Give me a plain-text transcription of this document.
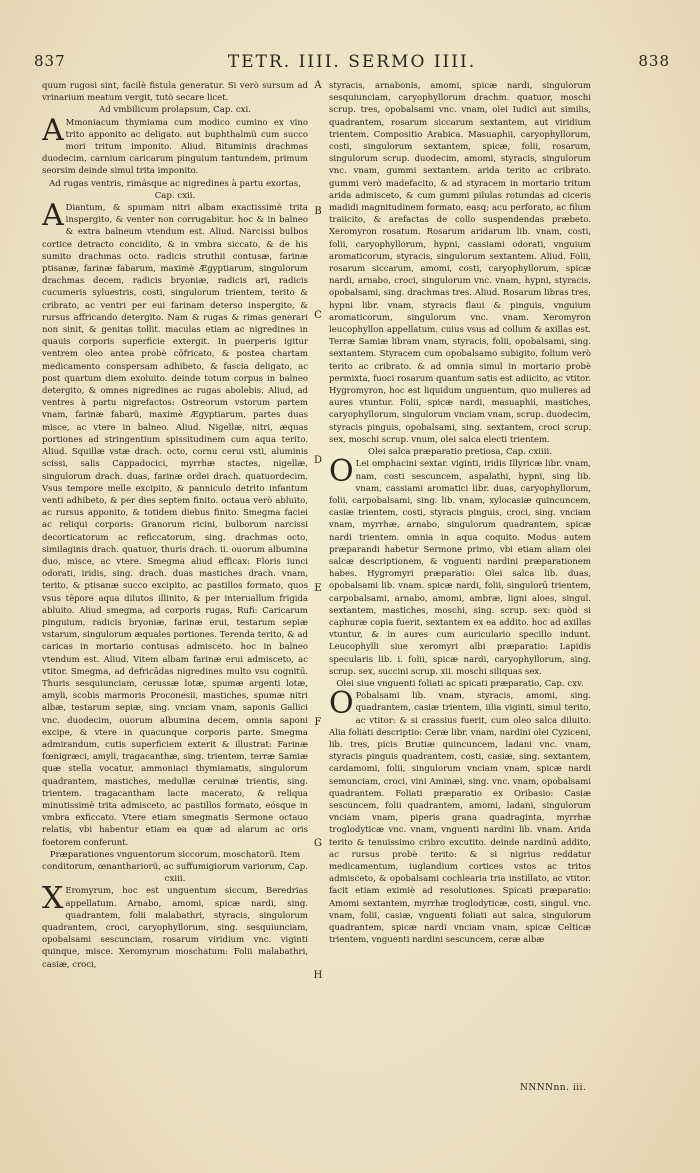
837	TETR. IIII. SERMO IIII.	838

quum rugosi sint, facilè fistula generatur. Si verò sursum ad vrinarium meatum vergit, tutò secare licet.

Ad vmbilicum prolapsum, Cap. cxi.

A Mmoniacum thymiama cum modico cumino ex vino trito apponito ac deligato. aut buphthalmũ cum succo mori tritum imponito. Aliud. Bituminis drachmas duodecim, carnium caricarum pinguium tantundem, primum seorsim deinde simul trita imponito.

Ad rugas ventris, rimásque ac nigredines à partu exortas, Cap. cxii.

A Diantum, & spumam nitri albam exactissimè trita inspergito, & venter non corrugabitur. hoc & in balneo & extra balneum vtendum est. Aliud. Narcissi bulbos cortice detracto concidito, & in vmbra siccato, & de his sumito drachmas octo. radicis struthii contusæ, farinæ ptisanæ, farinæ fabarum, maximè Ægyptiarum, singulorum drachmas decem, radicis bryoniæ, radicis ari, radicis cucumeris syluestris, costi, singulorum trientem, terito & cribrato, ac ventri per eui farinam deterso inspergito, & rursus affricando detergito. Nam & rugas & rimas generari non sinit, & genitas tollit. maculas etiam ac nigredines in quauis corporis superficie extergit. In puerperis igitur ventrem oleo antea probè cōfricato, & postea chartam medicamento conspersam adhibeto, & fascia deligato, ac post quartum diem exoluito. deinde totum corpus in balneo detergito, & omnes nigredines ac rugas abolebis. Aliud, ad ventres à partu nigrefactos: Ostreorum vstorum partem vnam, farinæ fabarũ, maximè Ægyptiarum, partes duas misce, ac vtere in balneo. Aliud. Nigellæ, nitri, æquas portiones ad stringentium spissitudinem cum aqua terito. Aliud. Squillæ vstæ drach. octo, cornu cerui vsti, aluminis scissi, salis Cappadocici, myrrhæ stactes, nigellæ, singulorum drach. duas, farinæ ordei drach. quatuordecim. Vsus tempore melle excipito, & panniculo detrito infantum venti adhibeto, & per dies septem finito. octaua verò abluito, ac rursus apponito, & totidem diebus finito. Smegma faciei ac reliqui corporis: Granorum ricini, bulborum narcissi decorticatorum ac reficcatorum, sing. drachmas octo, similaginis drach. quatuor, thuris drach. ii. ouorum albumina duo, misce, ac vtere. Smegma aliud efficax: Floris iunci odorati, iridis, sing. drach. duas mastiches drach. vnam, terito, & ptisanæ succo excipito, ac pastillos formato, quos vsus tēpore aqua dilutos illinito, & per interuallum frigida abluito. Aliud smegma, ad corporis rugas, Rufi: Caricarum pinguium, radicis bryoniæ, farinæ erui, testarum sepiæ vstarum, singulorum æquales portiones. Terenda terito, & ad caricas in mortario contusas admisceto. hoc in balneo vtendum est. Aliud. Vitem albam farinæ erui admisceto, ac vtitor. Smegma, ad defricādas nigredines multo vsu cognitū. Thuris sesquiunciam, cerussæ lotæ, spumæ argenti lotæ, amyli, scobis marmoris Proconesii, mastiches, spumæ nitri albæ, testarum sepiæ, sing. vnciam vnam, saponis Gallici vnc. duodecim, ouorum albumina decem, omnia saponi excipe, & vtere in quacunque corporis parte. Smegma admirandum, cutis superficiem exterit & illustrat: Farinæ fœnigræci, amyli, tragacanthæ, sing. trientem, terræ Samiæ quæ stella vocatur, ammoniaci thymiamatis, singulorum quadrantem, mastiches, medullæ ceruinæ trientis, sing. trientem. tragacantham lacte macerato, & reliqua minutissimè trita admisceto, ac pastillos formato, eósque in vmbra exficcato. Vtere etiam smegmatis Sermone octauo relatis, vbi habentur etiam ea quæ ad alarum ac oris foetorem conferunt.

Præparationes vnguentorum siccorum, moschatorũ. Item conditorum, œnanthariorũ, ac suffumigiorum variorum, Cap. cxiii.

X Eromyrum, hoc est unguentum siccum, Beredrias appellatum. Arnabo, amomi, spicæ nardi, sing. quadrantem, folii malabathri, styracis, singulorum quadrantem, croci, caryophyllorum, sing. sesquiunciam, opobalsami sescunciam, rosarum viridium vnc. viginti quinque, misce. Xeromyrum moschatum: Folii malabathri, casiæ, croci,

styracis, arnabonis, amomi, spicæ nardi, singulorum sesquiunciam, caryophyllorum drachm. quatuor, moschi scrup. tres, opobalsami vnc. vnam, olei Iudici aut similis, quadrantem, rosarum siccarum sextantem, aut viridium trientem. Compositio Arabica. Masuaphii, caryophyllorum, costi, singulorum sextantem, spicæ, folii, rosarum, singulorum scrup. duodecim, amomi, styracis, singulorum vnc. vnam, gummi sextantem. arida terito ac cribrato. gummi verò madefacito, & ad styracem in mortario tritum arida admisceto, & cum gummi pilulas rotundas ad ciceris madidi magnitudinem formato, easq; acu perforato, ac filum traiicito, & arefactas de collo suspendendas præbeto. Xeromyron rosatum. Rosarum aridarum lib. vnam, costi, folii, caryophyllorum, hypni, cassiami odorati, vnguium aromaticorum, styracis, singulorum sextantem. Aliud. Folii, rosarum siccarum, amomi, costi, caryophyllorum, spicæ nardi, arnabo, croci, singulorum vnc. vnam, hypni, styracis, opobalsami, sing. drachmas tres. Aliud. Rosarum libras tres, hypni libr. vnam, styracis flaui & pinguis, vnguium aromaticorum, singulorum vnc. vnam. Xeromyron leucophyllon appellatum. cuius vsus ad collum & axillas est. Terræ Samiæ libram vnam, styracis, folii, opobalsami, sing. sextantem. Styracem cum opobalsamo subigito, folium verò terito ac cribrato. & ad omnia simul in mortario probè permixta, fuoci rosarum quantum satis est adiicito, ac vtitor. Hygromyron, hoc est liquidum unguentum, quo mulieres ad aures vtuntur. Folii, spicæ nardi, masuaphii, mastiches, caryophyllorum, singulorum vnciam vnam, scrup. duodecim, styracis pinguis, opobalsami, sing. sextantem, croci scrup. sex, moschi scrup. vnum, olei salca electi trientem.

Olei salca præparatio pretiosa, Cap. cxiiii.

O Lei omphacini sextar. viginti, iridis Illyricæ libr. vnam, nam, costi sescuncem, aspalathi, hypni, sing lib. vnam, cassiami aromatici libr. duas, caryophyllorum, folii, carpobalsami, sing. lib. vnam, xylocasiæ quincuncem, casiæ trientem, costi, styracis pinguis, croci, sing. vnciam vnam, myrrhæ, arnabo, singulorum quadrantem, spicæ nardi trientem. omnia in aqua coquito. Modus autem præparandi habetur Sermone primo, vbi etiam aliam olei salcæ descriptionem, & vnguenti nardini præparationem habes. Hygromyri præparatio: Olei salca lib. duas, opobalsami lib. vnam. spicæ nardi, folii, singulorū trientem, carpobalsami, arnabo, amomi, ambræ, ligni aloes, singul. sextantem, mastiches, moschi, sing. scrup. sex: quòd si caphuræ copia fuerit, sextantem ex ea addito. hoc ad axillas vtuntur, & in aures cum auriculario specillo indunt. Leucophylli siue xeromyri albi præparatio: Lapidis specularis lib. i. folii, spicæ nardi, caryophyllorum, sing. scrup. sex, succini scrup. xii. moschi siliquas sex.

Olei siue vnguenti foliati ac spicati præparatio, Cap. cxv.

O Pobalsami lib. vnam, styracis, amomi, sing. quadrantem, casiæ trientem, iilia viginti, simul terito, ac vtitor: & si crassius fuerit, cum oleo salca diluito. Alia foliati descriptio: Ceræ libr. vnam, nardini olei Cyziceni, lib. tres, picis Brutiæ quincuncem, ladani vnc. vnam, styracis pinguis quadrantem, costi, casiæ, sing. sextantem, cardamomi, folii, singulorum vnciam vnam, spicæ nardi semunciam, croci, vini Aminæi, sing. vnc. vnam, opobalsami quadrantem. Foliati præparatio ex Oribasio: Casiæ sescuncem, folii quadrantem, amomi, ladani, singulorum vnciam vnam, piperis grana quadraginta, myrrhæ troglodyticæ vnc. vnam, vnguenti nardini lib. vnam. Arida terito & tenuissimo cribro excutito. deinde nardinū addito, ac rursus probè terito: & si nigrius reddatur medicamentum, iuglandium cortices vstos ac tritos admisceto, & opobalsami cochlearia tria instillato, ac vtitor. facit etiam eximiè ad resolutiones. Spicati præparatio: Amomi sextantem, myrrhæ troglodyticæ, costi, singul. vnc. vnam, folii, casiæ, vnguenti foliati aut salca, singulorum quadrantem, spicæ nardi vnciam vnam, spicæ Celticæ trientem, vnguenti nardini sescuncem, ceræ albæ

A
B
C
D
E
F
G
H
NNNNnn. iii.
